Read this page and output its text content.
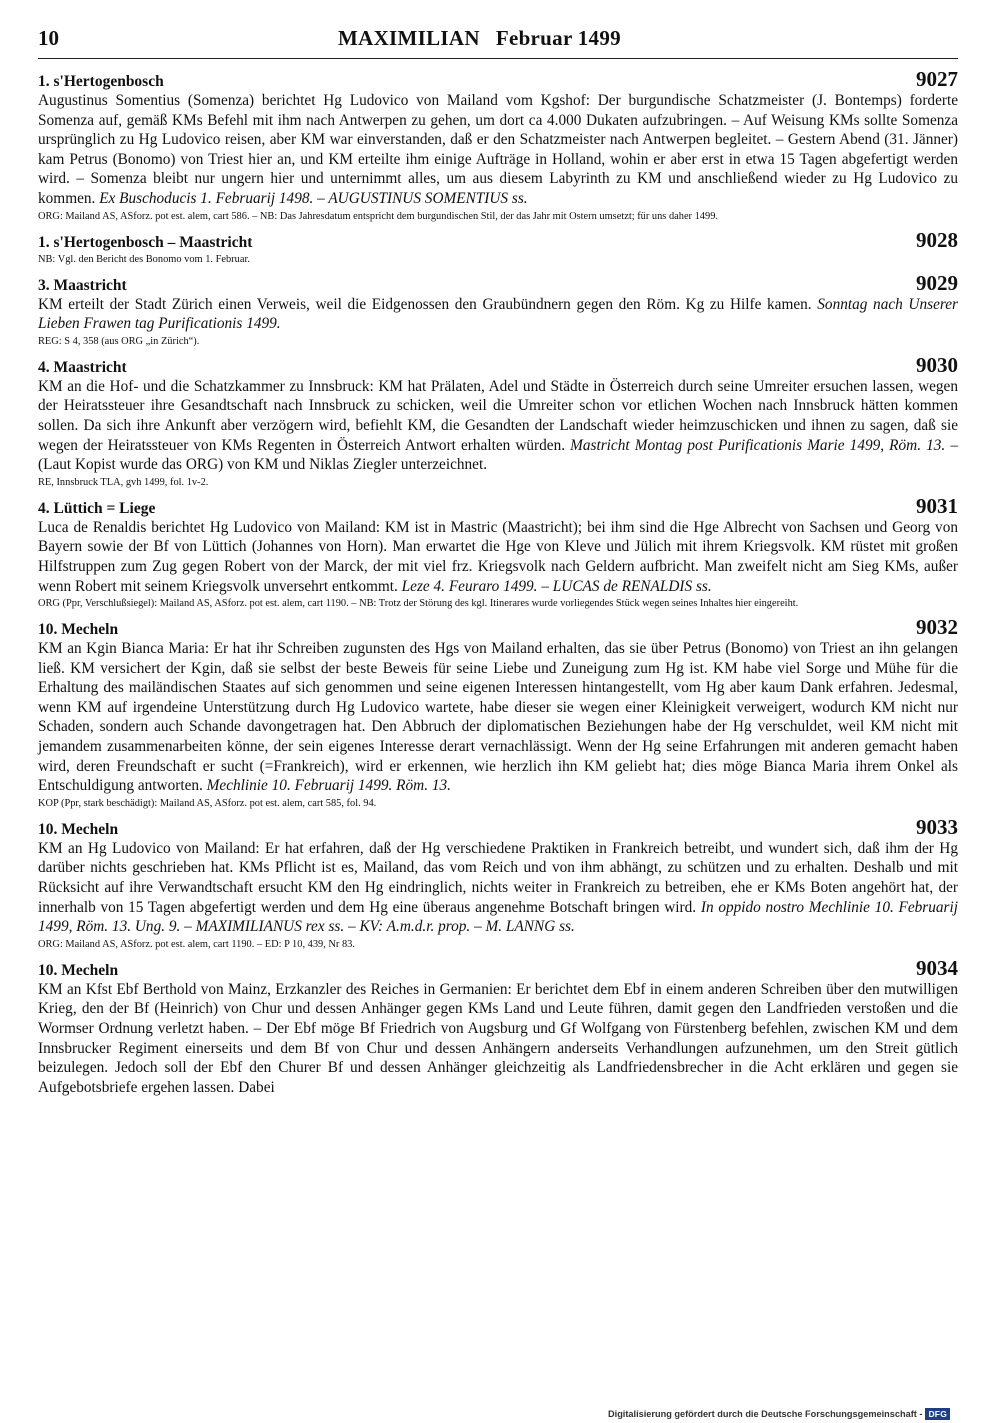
10	MAXIMILIAN Februar 1499
1. s'Hertogenbosch	9027

Augustinus Somentius (Somenza) berichtet Hg Ludovico von Mailand vom Kgshof: Der burgundische Schatzmeister (J. Bontemps) forderte Somenza auf, gemäß KMs Befehl mit ihm nach Antwerpen zu gehen, um dort ca 4.000 Dukaten aufzubringen. – Auf Weisung KMs sollte Somenza ursprünglich zu Hg Ludovico reisen, aber KM war einverstanden, daß er den Schatzmeister nach Antwerpen begleitet. – Gestern Abend (31. Jänner) kam Petrus (Bonomo) von Triest hier an, und KM erteilte ihm einige Aufträge in Holland, wohin er aber erst in etwa 15 Tagen abgefertigt werden wird. – Somenza bleibt nur ungern hier und unternimmt alles, um aus diesem Labyrinth zu KM und anschließend wieder zu Hg Ludovico zu kommen. Ex Buschoducis 1. Februarij 1498. – AUGUSTINUS SOMENTIUS ss.

ORG: Mailand AS, ASforz. pot est. alem, cart 586. – NB: Das Jahresdatum entspricht dem burgundischen Stil, der das Jahr mit Ostern umsetzt; für uns daher 1499.
1. s'Hertogenbosch – Maastricht	9028
NB: Vgl. den Bericht des Bonomo vom 1. Februar.
3. Maastricht	9029

KM erteilt der Stadt Zürich einen Verweis, weil die Eidgenossen den Graubündnern gegen den Röm. Kg zu Hilfe kamen. Sonntag nach Unserer Lieben Frawen tag Purificationis 1499.

REG: S 4, 358 (aus ORG „in Zürich“).
4. Maastricht	9030

KM an die Hof- und die Schatzkammer zu Innsbruck: KM hat Prälaten, Adel und Städte in Österreich durch seine Umreiter ersuchen lassen, wegen der Heiratssteuer ihre Gesandtschaft nach Innsbruck zu schicken, weil die Umreiter schon vor etlichen Wochen nach Innsbruck hätten kommen sollen. Da sich ihre Ankunft aber verzögern wird, befiehlt KM, die Gesandten der Landschaft wieder heimzuschicken und ihnen zu sagen, daß sie wegen der Heiratssteuer von KMs Regenten in Österreich Antwort erhalten würden. Mastricht Montag post Purificationis Marie 1499, Röm. 13. – (Laut Kopist wurde das ORG) von KM und Niklas Ziegler unterzeichnet.

RE, Innsbruck TLA, gvh 1499, fol. 1v-2.
4. Lüttich = Liege	9031

Luca de Renaldis berichtet Hg Ludovico von Mailand: KM ist in Mastric (Maastricht); bei ihm sind die Hge Albrecht von Sachsen und Georg von Bayern sowie der Bf von Lüttich (Johannes von Horn). Man erwartet die Hge von Kleve und Jülich mit ihrem Kriegsvolk. KM rüstet mit großen Hilfstruppen zum Zug gegen Robert von der Marck, der mit viel frz. Kriegsvolk nach Geldern aufbricht. Man zweifelt nicht am Sieg KMs, außer wenn Robert mit seinem Kriegsvolk unversehrt entkommt. Leze 4. Feuraro 1499. – LUCAS de RENALDIS ss.

ORG (Ppr, Verschlußsiegel): Mailand AS, ASforz. pot est. alem, cart 1190. – NB: Trotz der Störung des kgl. Itinerares wurde vorliegendes Stück wegen seines Inhaltes hier eingereiht.
10. Mecheln	9032

KM an Kgin Bianca Maria: Er hat ihr Schreiben zugunsten des Hgs von Mailand erhalten, das sie über Petrus (Bonomo) von Triest an ihn gelangen ließ. KM versichert der Kgin, daß sie selbst der beste Beweis für seine Liebe und Zuneigung zum Hg ist. KM habe viel Sorge und Mühe für die Erhaltung des mailändischen Staates auf sich genommen und seine eigenen Interessen hintangestellt, vom Hg aber kaum Dank erfahren. Jedesmal, wenn KM auf irgendeine Unterstützung durch Hg Ludovico wartete, habe dieser sie wegen einer Kleinigkeit verweigert, wodurch KM nicht nur Schaden, sondern auch Schande davongetragen hat. Den Abbruch der diplomatischen Beziehungen habe der Hg verschuldet, weil KM nicht mit jemandem zusammenarbeiten könne, der sein eigenes Interesse derart vernachlässigt. Wenn der Hg seine Erfahrungen mit anderen gemacht haben wird, deren Freundschaft er sucht (=Frankreich), wird er erkennen, wie herzlich ihn KM geliebt hat; dies möge Bianca Maria ihrem Onkel als Entschuldigung antworten. Mechlinie 10. Februarij 1499. Röm. 13.

KOP (Ppr, stark beschädigt): Mailand AS, ASforz. pot est. alem, cart 585, fol. 94.
10. Mecheln	9033

KM an Hg Ludovico von Mailand: Er hat erfahren, daß der Hg verschiedene Praktiken in Frankreich betreibt, und wundert sich, daß ihm der Hg darüber nichts geschrieben hat. KMs Pflicht ist es, Mailand, das vom Reich und von ihm abhängt, zu schützen und zu erhalten. Deshalb und mit Rücksicht auf ihre Verwandtschaft ersucht KM den Hg eindringlich, nichts weiter in Frankreich zu betreiben, ehe er KMs Boten angehört hat, der innerhalb von 15 Tagen abgefertigt werden und dem Hg eine überaus angenehme Botschaft bringen wird. In oppido nostro Mechlinie 10. Februarij 1499, Röm. 13. Ung. 9. – MAXIMILIANUS rex ss. – KV: A.m.d.r. prop. – M. LANNG ss.

ORG: Mailand AS, ASforz. pot est. alem, cart 1190. – ED: P 10, 439, Nr 83.
10. Mecheln	9034

KM an Kfst Ebf Berthold von Mainz, Erzkanzler des Reiches in Germanien: Er berichtet dem Ebf in einem anderen Schreiben über den mutwilligen Krieg, den der Bf (Heinrich) von Chur und dessen Anhänger gegen KMs Land und Leute führen, damit gegen den Landfrieden verstoßen und die Wormser Ordnung verletzt haben. – Der Ebf möge Bf Friedrich von Augsburg und Gf Wolfgang von Fürstenberg befehlen, zwischen KM und dem Innsbrucker Regiment einerseits und dem Bf von Chur und dessen Anhängern anderseits Verhandlungen aufzunehmen, um den Streit gütlich beizulegen. Jedoch soll der Ebf den Churer Bf und dessen Anhänger gleichzeitig als Landfriedensbrecher in die Acht erklären und gegen sie Aufgebotsbriefe ergehen lassen. Dabei

Digitalisierung gefördert durch die Deutsche Forschungsgemeinschaft - DFG
